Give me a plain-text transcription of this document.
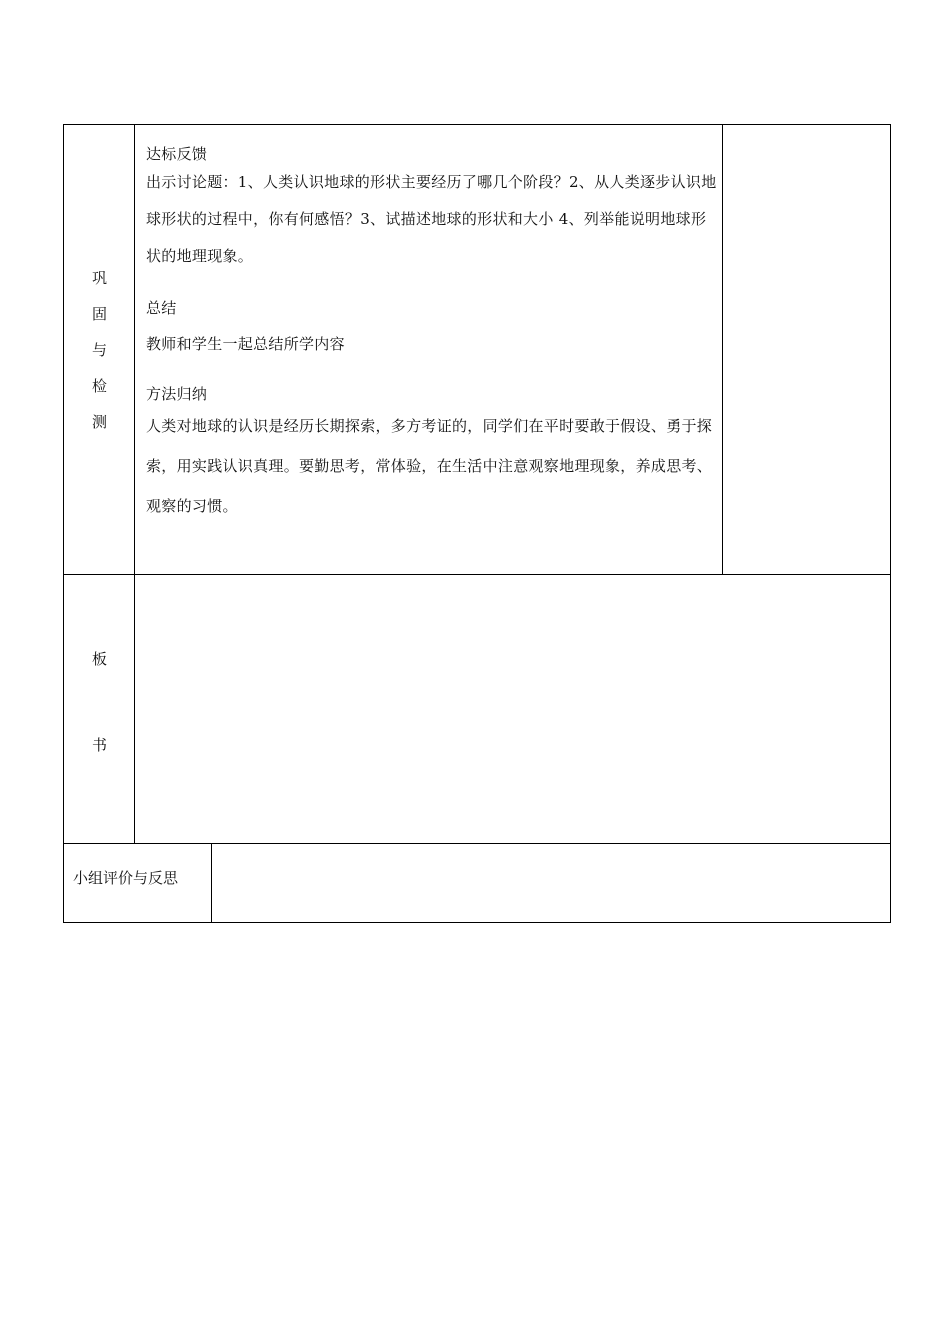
巩
固
与
检
测
达标反馈

出示讨论题：1、人类认识地球的形状主要经历了哪几个阶段？2、从人类逐步认识地球形状的过程中，你有何感悟？3、试描述地球的形状和大小 4、列举能说明地球形状的地理现象。

总结

教师和学生一起总结所学内容

方法归纳

人类对地球的认识是经历长期探索，多方考证的，同学们在平时要敢于假设、勇于探索，用实践认识真理。要勤思考，常体验，在生活中注意观察地理现象，养成思考、观察的习惯。

板
书
小组评价与反思
